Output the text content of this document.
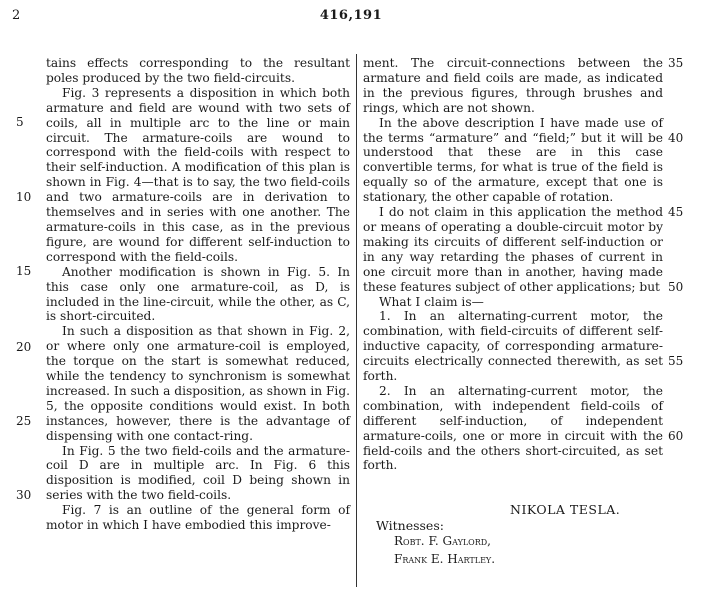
2	416,191

tains effects corresponding to the resultant poles produced by the two field-circuits.

Fig. 3 represents a disposition in which both armature and field are wound with two sets of coils, all in multiple arc to the line or main circuit. The armature-coils are wound to correspond with the field-coils with respect to their self-induction. A modification of this plan is shown in Fig. 4—that is to say, the two field-coils and two armature-coils are in derivation to themselves and in series with one another. The armature-coils in this case, as in the previous figure, are wound for different self-induction to correspond with the field-coils.

Another modification is shown in Fig. 5. In this case only one armature-coil, as D, is included in the line-circuit, while the other, as C, is short-circuited.

In such a disposition as that shown in Fig. 2, or where only one armature-coil is employed, the torque on the start is somewhat reduced, while the tendency to synchronism is somewhat increased. In such a disposition, as shown in Fig. 5, the opposite conditions would exist. In both instances, however, there is the advantage of dispensing with one contact-ring.

In Fig. 5 the two field-coils and the armature-coil D are in multiple arc. In Fig. 6 this disposition is modified, coil D being shown in series with the two field-coils.

Fig. 7 is an outline of the general form of motor in which I have embodied this improve-

ment. The circuit-connections between the armature and field coils are made, as indicated in the previous figures, through brushes and rings, which are not shown.

In the above description I have made use of the terms “armature” and “field;” but it will be understood that these are in this case convertible terms, for what is true of the field is equally so of the armature, except that one is stationary, the other capable of rotation.

I do not claim in this application the method or means of operating a double-circuit motor by making its circuits of different self-induction or in any way retarding the phases of current in one circuit more than in another, having made these features subject of other applications; but

What I claim is—

1. In an alternating-current motor, the combination, with field-circuits of different self-inductive capacity, of corresponding armature-circuits electrically connected therewith, as set forth.

2. In an alternating-current motor, the combination, with independent field-coils of different self-induction, of independent armature-coils, one or more in circuit with the field-coils and the others short-circuited, as set forth.

5
10
15
20
25
30
35
40
45
50
55
60
NIKOLA TESLA.
Witnesses:
Robt. F. Gaylord,
Frank E. Hartley.
